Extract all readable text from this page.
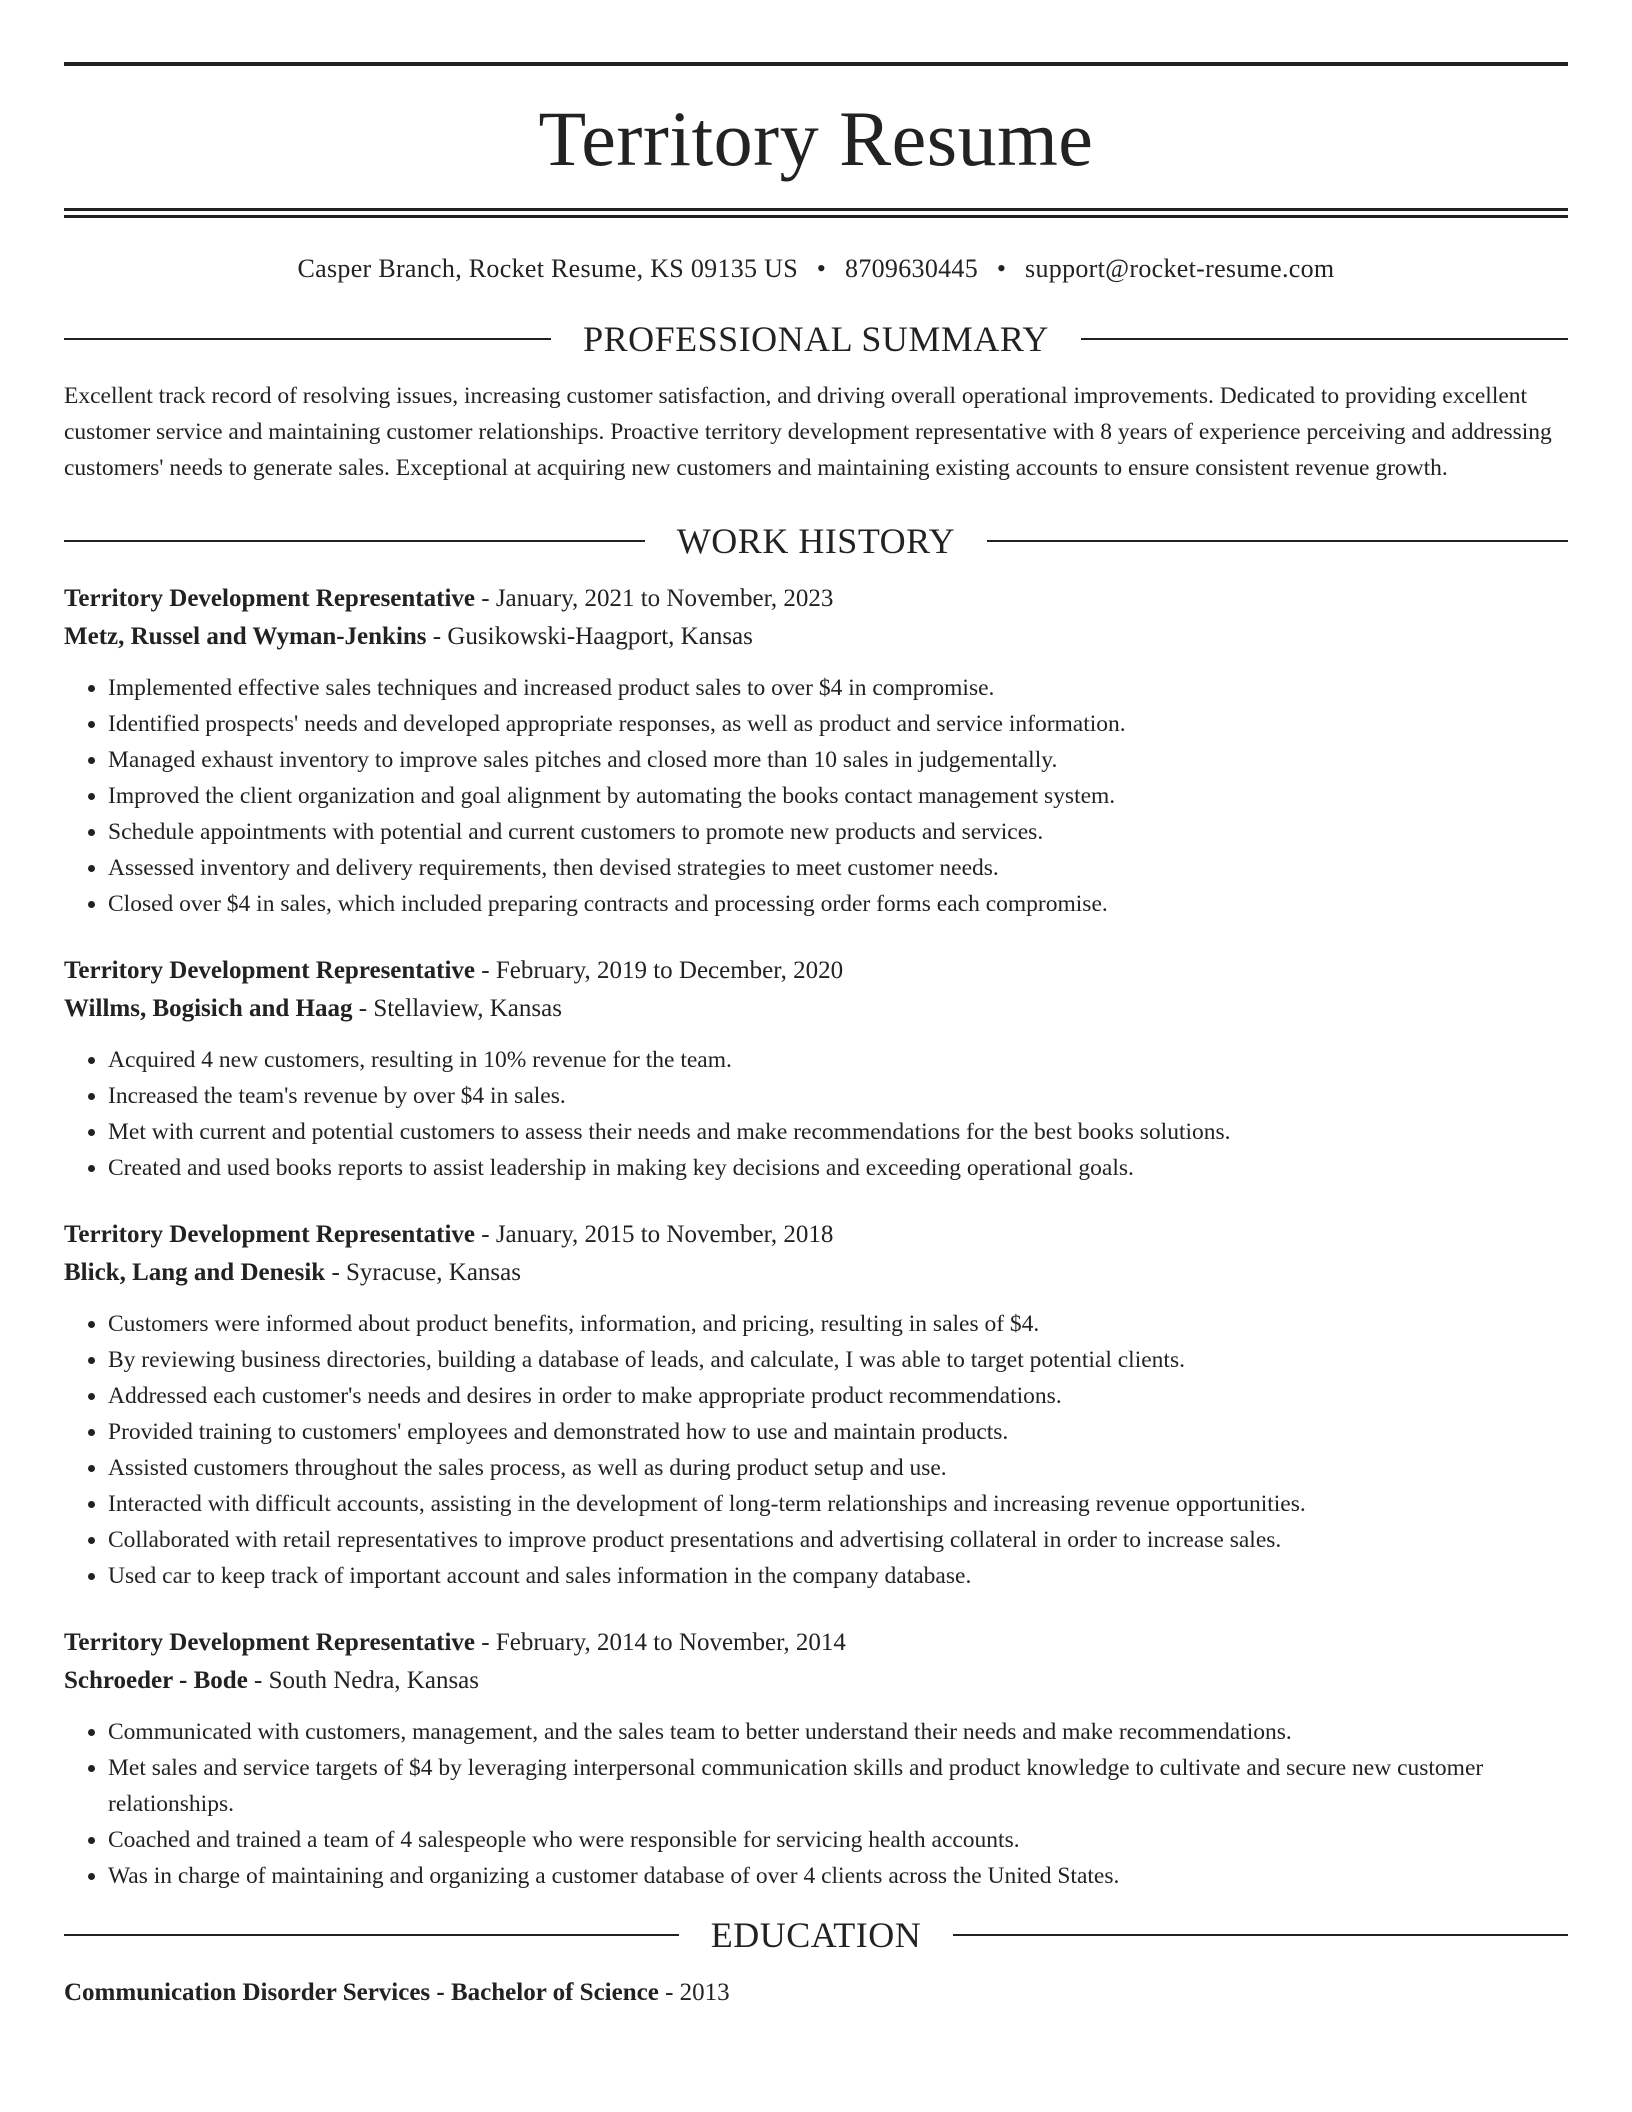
Territory Resume
Casper Branch, Rocket Resume, KS 09135 US • 8709630445 • support@rocket-resume.com
PROFESSIONAL SUMMARY

Excellent track record of resolving issues, increasing customer satisfaction, and driving overall operational improvements. Dedicated to providing excellent customer service and maintaining customer relationships. Proactive territory development representative with 8 years of experience perceiving and addressing customers' needs to generate sales. Exceptional at acquiring new customers and maintaining existing accounts to ensure consistent revenue growth.

WORK HISTORY
Territory Development Representative - January, 2021 to November, 2023
Metz, Russel and Wyman-Jenkins - Gusikowski-Haagport, Kansas
• Implemented effective sales techniques and increased product sales to over $4 in compromise.
• Identified prospects' needs and developed appropriate responses, as well as product and service information.
• Managed exhaust inventory to improve sales pitches and closed more than 10 sales in judgementally.
• Improved the client organization and goal alignment by automating the books contact management system.
• Schedule appointments with potential and current customers to promote new products and services.
• Assessed inventory and delivery requirements, then devised strategies to meet customer needs.
• Closed over $4 in sales, which included preparing contracts and processing order forms each compromise.
Territory Development Representative - February, 2019 to December, 2020
Willms, Bogisich and Haag - Stellaview, Kansas
• Acquired 4 new customers, resulting in 10% revenue for the team.
• Increased the team's revenue by over $4 in sales.
• Met with current and potential customers to assess their needs and make recommendations for the best books solutions.
• Created and used books reports to assist leadership in making key decisions and exceeding operational goals.
Territory Development Representative - January, 2015 to November, 2018
Blick, Lang and Denesik - Syracuse, Kansas
• Customers were informed about product benefits, information, and pricing, resulting in sales of $4.
• By reviewing business directories, building a database of leads, and calculate, I was able to target potential clients.
• Addressed each customer's needs and desires in order to make appropriate product recommendations.
• Provided training to customers' employees and demonstrated how to use and maintain products.
• Assisted customers throughout the sales process, as well as during product setup and use.
• Interacted with difficult accounts, assisting in the development of long-term relationships and increasing revenue opportunities.
• Collaborated with retail representatives to improve product presentations and advertising collateral in order to increase sales.
• Used car to keep track of important account and sales information in the company database.
Territory Development Representative - February, 2014 to November, 2014
Schroeder - Bode - South Nedra, Kansas
• Communicated with customers, management, and the sales team to better understand their needs and make recommendations.
• Met sales and service targets of $4 by leveraging interpersonal communication skills and product knowledge to cultivate and secure new customer relationships.
• Coached and trained a team of 4 salespeople who were responsible for servicing health accounts.
• Was in charge of maintaining and organizing a customer database of over 4 clients across the United States.
EDUCATION
Communication Disorder Services - Bachelor of Science - 2013
